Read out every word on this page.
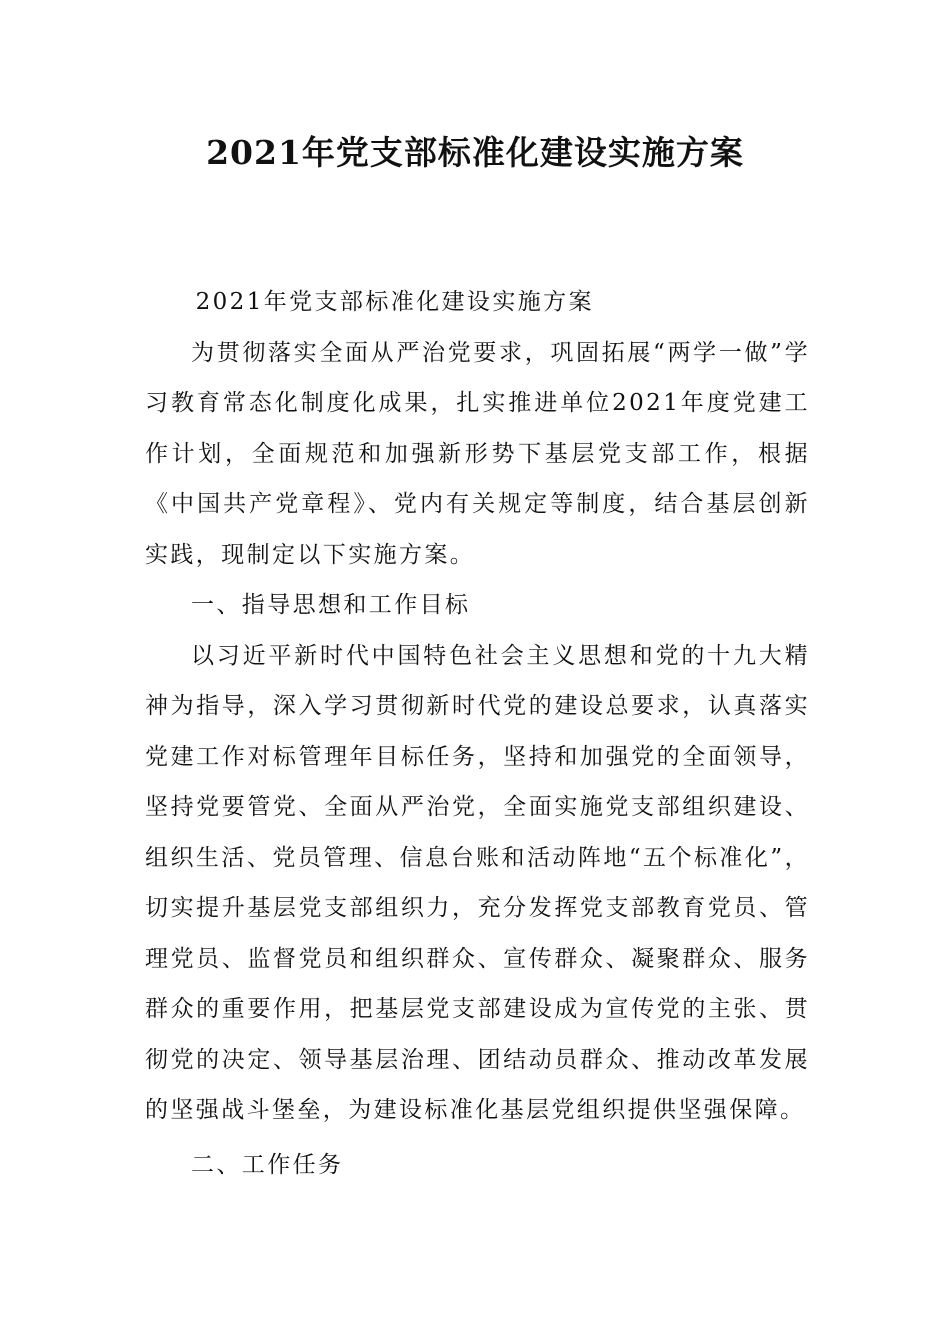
2021年党支部标准化建设实施方案

2021年党支部标准化建设实施方案

为贯彻落实全面从严治党要求，巩固拓展“两学一做”学习教育常态化制度化成果，扎实推进单位2021年度党建工作计划，全面规范和加强新形势下基层党支部工作，根据《中国共产党章程》、党内有关规定等制度，结合基层创新实践，现制定以下实施方案。

一、指导思想和工作目标

以习近平新时代中国特色社会主义思想和党的十九大精神为指导，深入学习贯彻新时代党的建设总要求，认真落实党建工作对标管理年目标任务，坚持和加强党的全面领导，坚持党要管党、全面从严治党，全面实施党支部组织建设、组织生活、党员管理、信息台账和活动阵地“五个标准化”，切实提升基层党支部组织力，充分发挥党支部教育党员、管理党员、监督党员和组织群众、宣传群众、凝聚群众、服务群众的重要作用，把基层党支部建设成为宣传党的主张、贯彻党的决定、领导基层治理、团结动员群众、推动改革发展的坚强战斗堡垒，为建设标准化基层党组织提供坚强保障。

二、工作任务
